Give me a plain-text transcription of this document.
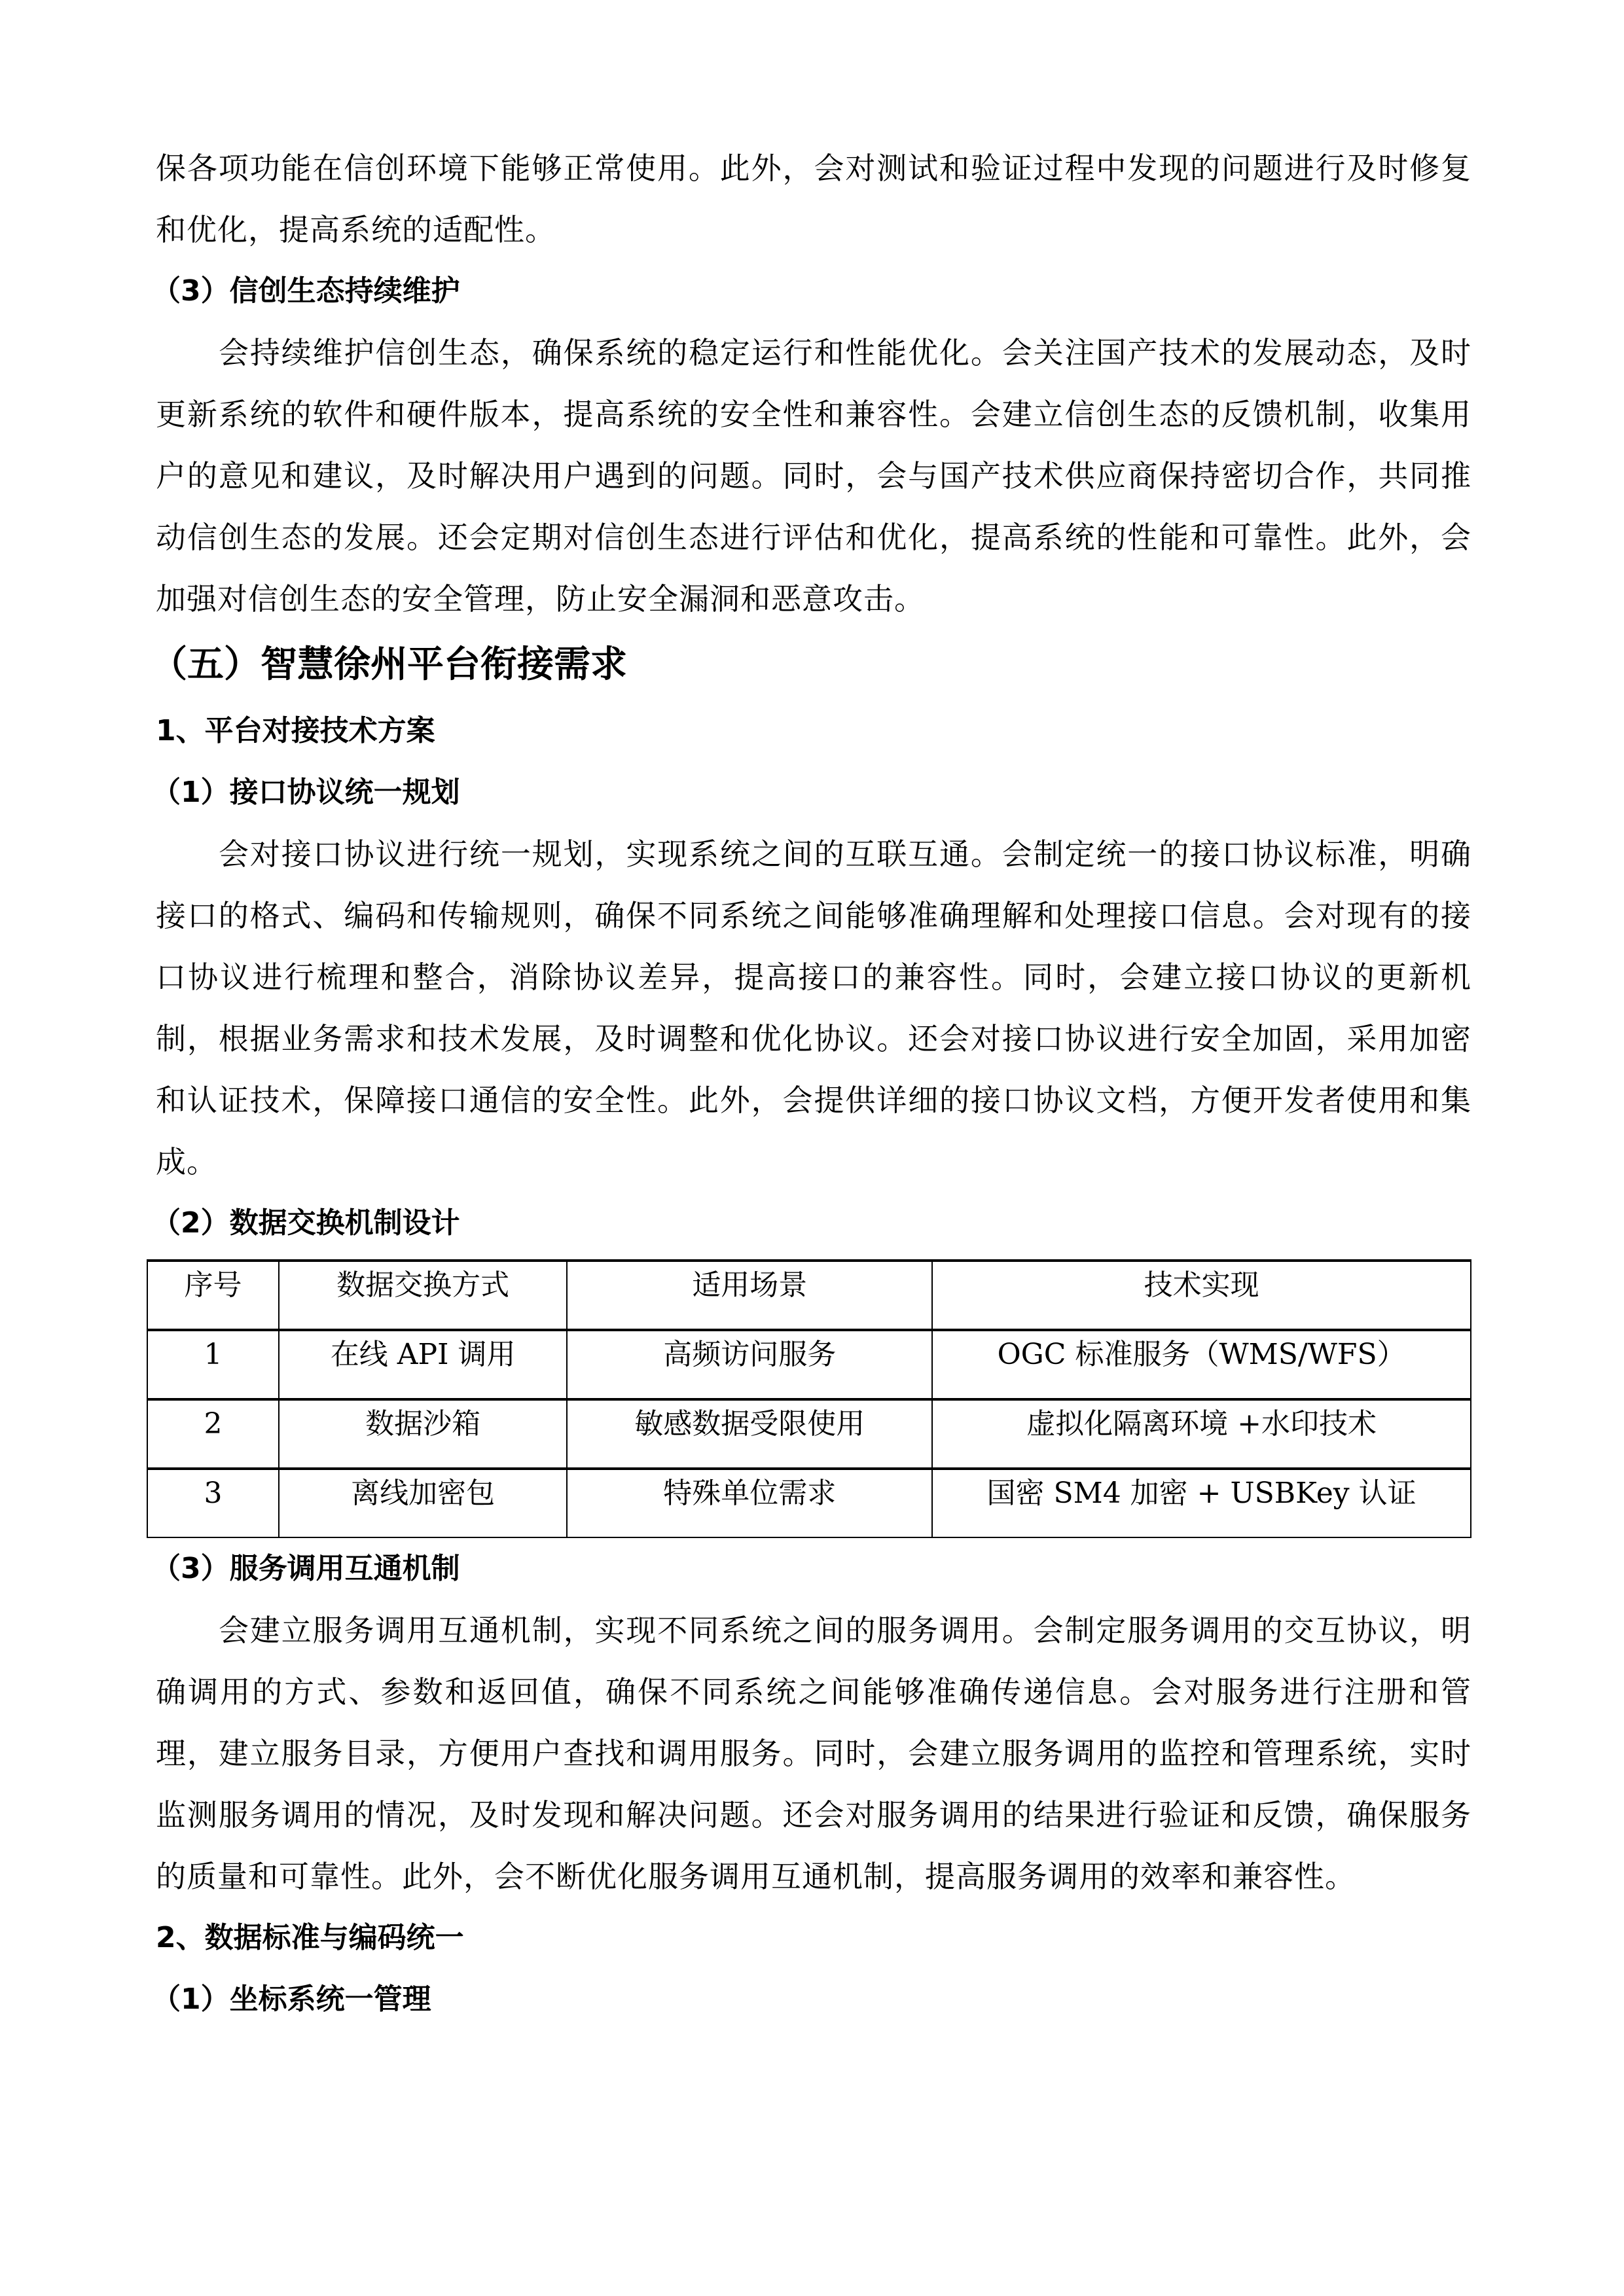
保各项功能在信创环境下能够正常使用。此外，会对测试和验证过程中发现的问题进行及时修复和优化，提高系统的适配性。

（3）信创生态持续维护

会持续维护信创生态，确保系统的稳定运行和性能优化。会关注国产技术的发展动态，及时更新系统的软件和硬件版本，提高系统的安全性和兼容性。会建立信创生态的反馈机制，收集用户的意见和建议，及时解决用户遇到的问题。同时，会与国产技术供应商保持密切合作，共同推动信创生态的发展。还会定期对信创生态进行评估和优化，提高系统的性能和可靠性。此外，会加强对信创生态的安全管理，防止安全漏洞和恶意攻击。

（五）智慧徐州平台衔接需求

1、平台对接技术方案

（1）接口协议统一规划

会对接口协议进行统一规划，实现系统之间的互联互通。会制定统一的接口协议标准，明确接口的格式、编码和传输规则，确保不同系统之间能够准确理解和处理接口信息。会对现有的接口协议进行梳理和整合，消除协议差异，提高接口的兼容性。同时，会建立接口协议的更新机制，根据业务需求和技术发展，及时调整和优化协议。还会对接口协议进行安全加固，采用加密和认证技术，保障接口通信的安全性。此外，会提供详细的接口协议文档，方便开发者使用和集成。

（2）数据交换机制设计

序号	数据交换方式	适用场景	技术实现
1	在线 API 调用	高频访问服务	OGC 标准服务（WMS/WFS）
2	数据沙箱	敏感数据受限使用	虚拟化隔离环境 +水印技术
3	离线加密包	特殊单位需求	国密 SM4 加密 + USBKey 认证

（3）服务调用互通机制

会建立服务调用互通机制，实现不同系统之间的服务调用。会制定服务调用的交互协议，明确调用的方式、参数和返回值，确保不同系统之间能够准确传递信息。会对服务进行注册和管理，建立服务目录，方便用户查找和调用服务。同时，会建立服务调用的监控和管理系统，实时监测服务调用的情况，及时发现和解决问题。还会对服务调用的结果进行验证和反馈，确保服务的质量和可靠性。此外，会不断优化服务调用互通机制，提高服务调用的效率和兼容性。

2、数据标准与编码统一

（1）坐标系统一管理
